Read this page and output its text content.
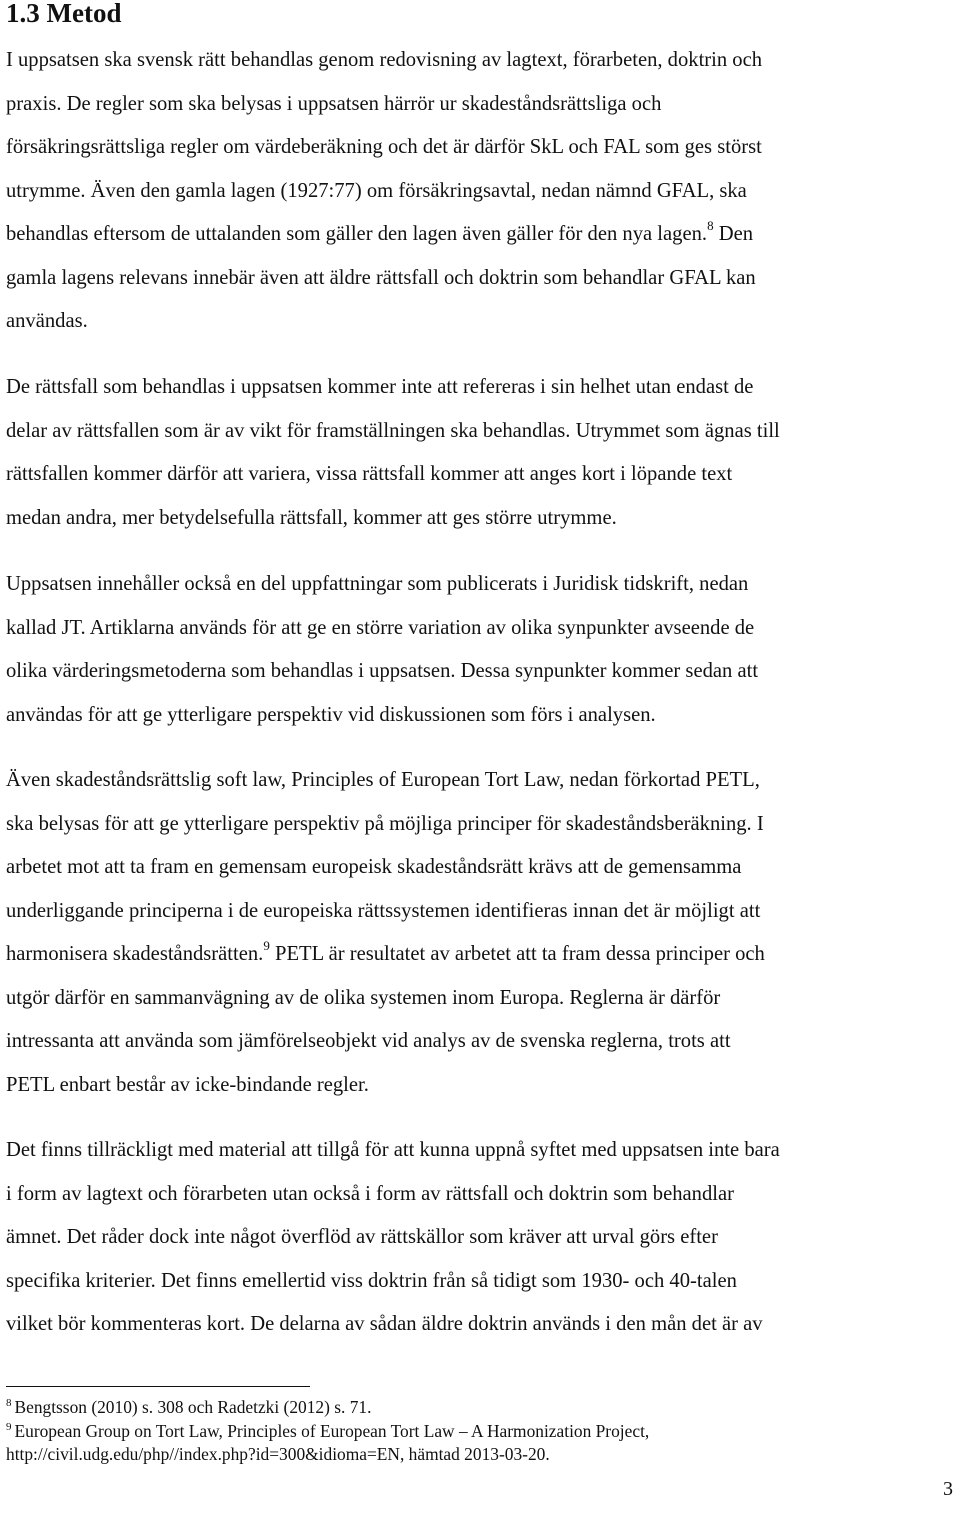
1.3 Metod

I uppsatsen ska svensk rätt behandlas genom redovisning av lagtext, förarbeten, doktrin och
praxis. De regler som ska belysas i uppsatsen härrör ur skadeståndsrättsliga och
försäkringsrättsliga regler om värdeberäkning och det är därför SkL och FAL som ges störst
utrymme. Även den gamla lagen (1927:77) om försäkringsavtal, nedan nämnd GFAL, ska
behandlas eftersom de uttalanden som gäller den lagen även gäller för den nya lagen.$^8$ Den
gamla lagens relevans innebär även att äldre rättsfall och doktrin som behandlar GFAL kan
användas.

De rättsfall som behandlas i uppsatsen kommer inte att refereras i sin helhet utan endast de
delar av rättsfallen som är av vikt för framställningen ska behandlas. Utrymmet som ägnas till
rättsfallen kommer därför att variera, vissa rättsfall kommer att anges kort i löpande text
medan andra, mer betydelsefulla rättsfall, kommer att ges större utrymme.

Uppsatsen innehåller också en del uppfattningar som publicerats i Juridisk tidskrift, nedan
kallad JT. Artiklarna används för att ge en större variation av olika synpunkter avseende de
olika värderingsmetoderna som behandlas i uppsatsen. Dessa synpunkter kommer sedan att
användas för att ge ytterligare perspektiv vid diskussionen som förs i analysen.

Även skadeståndsrättslig soft law, Principles of European Tort Law, nedan förkortad PETL,
ska belysas för att ge ytterligare perspektiv på möjliga principer för skadeståndsberäkning. I
arbetet mot att ta fram en gemensam europeisk skadeståndsrätt krävs att de gemensamma
underliggande principerna i de europeiska rättssystemen identifieras innan det är möjligt att
harmonisera skadeståndsrätten.$^9$ PETL är resultatet av arbetet att ta fram dessa principer och
utgör därför en sammanvägning av de olika systemen inom Europa. Reglerna är därför
intressanta att använda som jämförelseobjekt vid analys av de svenska reglerna, trots att
PETL enbart består av icke-bindande regler.

Det finns tillräckligt med material att tillgå för att kunna uppnå syftet med uppsatsen inte bara
i form av lagtext och förarbeten utan också i form av rättsfall och doktrin som behandlar
ämnet. Det råder dock inte något överflöd av rättskällor som kräver att urval görs efter
specifika kriterier. Det finns emellertid viss doktrin från så tidigt som 1930- och 40-talen
vilket bör kommenteras kort. De delarna av sådan äldre doktrin används i den mån det är av

$^8$ Bengtsson (2010) s. 308 och Radetzki (2012) s. 71.
$^9$ European Group on Tort Law, Principles of European Tort Law – A Harmonization Project,
http://civil.udg.edu/php//index.php?id=300&idioma=EN, hämtad 2013-03-20.
3
